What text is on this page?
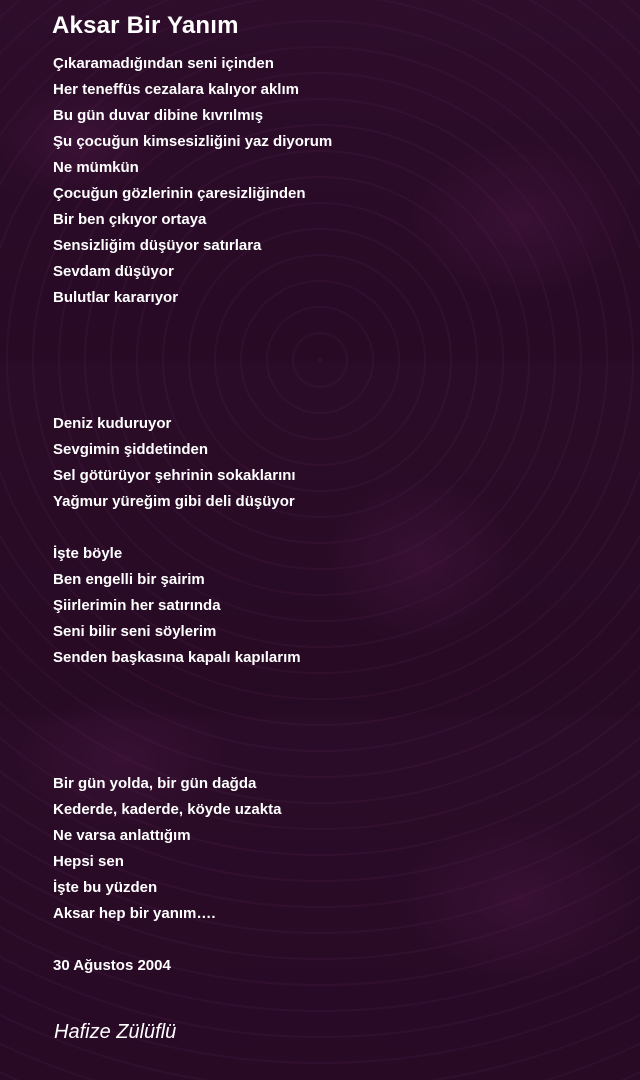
Aksar Bir Yanım
Çıkaramadığından seni içinden
Her teneffüs cezalara kalıyor aklım
Bu gün duvar dibine kıvrılmış
Şu çocuğun kimsesizliğini yaz diyorum
Ne mümkün
Çocuğun gözlerinin çaresizliğinden
Bir ben çıkıyor ortaya
Sensizliğim düşüyor satırlara
Sevdam düşüyor
Bulutlar kararıyor
Deniz kuduruyor
Sevgimin şiddetinden
Sel götürüyor şehrinin sokaklarını
Yağmur yüreğim gibi deli düşüyor
İşte böyle
Ben engelli bir şairim
Şiirlerimin her satırında
Seni bilir seni söylerim
Senden başkasına kapalı kapılarım
Bir gün yolda, bir gün dağda
Kederde, kaderde, köyde uzakta
Ne varsa anlattığım
Hepsi sen
İşte bu yüzden
Aksar hep bir yanım….
30 Ağustos 2004
Hafize Zülüflü
